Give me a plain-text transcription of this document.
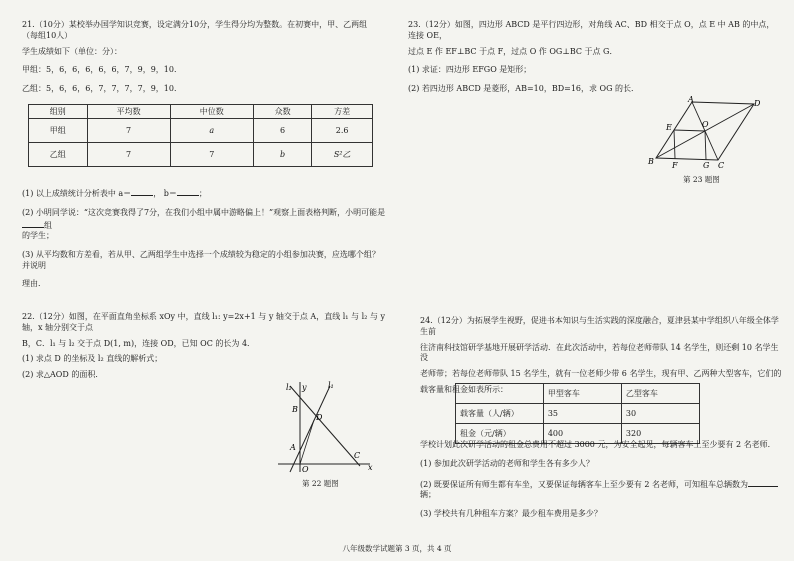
21.（10分）某校举办国学知识竞赛，设定满分10分，学生得分均为整数。在初赛中，甲、乙两组（每组10人）

学生成绩如下（单位：分）：

甲组：5，6，6，6，6，6，7，9，9，10．

乙组：5，6，6，6，7，7，7，7，9，10．

组别	平均数	中位数	众数	方差
甲组	7	a	6	2.6
乙组	7	7	b	S²乙

(1) 以上成绩统计分析表中 a＝	， b＝	；

(2) 小明同学说：“这次竞赛我得了7分，在我们小组中属中游略偏上！”观察上面表格判断，小明可能是组
的学生；

(3) 从平均数和方差看，若从甲、乙两组学生中选择一个成绩较为稳定的小组参加决赛，应选哪个组？并说明
理由．

22.（12分）如图，在平面直角坐标系 xOy 中，直线 l₁: y=2x+1 与 y 轴交于点 A，直线 l₁ 与 l₂ 与 y 轴，x 轴分别交于点

B，C．l₁ 与 l₂ 交于点 D(1, m)，连接 OD，已知 OC 的长为 4．

(1) 求点 D 的坐标及 l₂ 直线的解析式；

(2) 求△AOD 的面积．

l₂	l₁
y
B
D
A
O
C
x
第 22 题图

23.（12分）如图，四边形 ABCD 是平行四边形，对角线 AC、BD 相交于点 O，点 E 中 AB 的中点，连接 OE，

过点 E 作 EF⊥BC 于点 F，过点 O 作 OG⊥BC 于点 G．

(1) 求证：四边形 EFGO 是矩形；

(2) 若四边形 ABCD 是菱形，AB=10，BD=16，求 OG 的长．

A	D
E	O
B F	G C
第 23 题图

24.（12分）为拓展学生视野，促进书本知识与生活实践的深度融合，夏津县某中学组织八年级全体学生前

往济南科技馆研学基地开展研学活动．在此次活动中，若每位老师带队 14 名学生，则还剩 10 名学生没

老师带；若每位老师带队 15 名学生，就有一位老师少带 6 名学生，现有甲、乙两种大型客车，它们的

载客量和租金如表所示：

		甲型客车	乙型客车
载客量（人/辆）	35	30
租金（元/辆）	400	320

学校计划此次研学活动的租金总费用不超过 3000 元，为安全起见，每辆客车上至少要有 2 名老师．

(1) 参加此次研学活动的老师和学生各有多少人？

(2) 既要保证所有师生都有车坐，又要保证每辆客车上至少要有 2 名老师，可知租车总辆数为辆；

(3) 学校共有几种租车方案？最少租车费用是多少？

八年级数学试题第 3 页，共 4 页
